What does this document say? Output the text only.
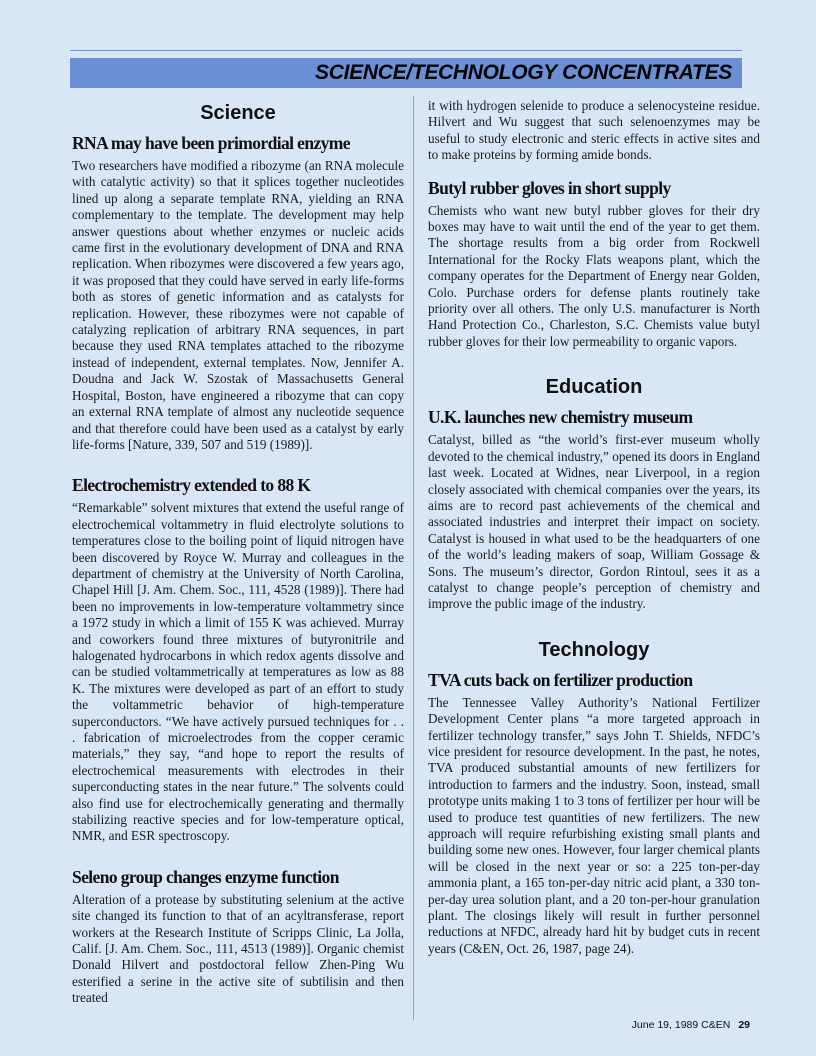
SCIENCE/TECHNOLOGY CONCENTRATES
Science
RNA may have been primordial enzyme

Two researchers have modified a ribozyme (an RNA molecule with catalytic activity) so that it splices together nucleotides lined up along a separate template RNA, yielding an RNA complementary to the template. The development may help answer questions about whether enzymes or nucleic acids came first in the evolutionary development of DNA and RNA replication. When ribozymes were discovered a few years ago, it was proposed that they could have served in early life-forms both as stores of genetic information and as catalysts for replication. However, these ribozymes were not capable of catalyzing replication of arbitrary RNA sequences, in part because they used RNA templates attached to the ribozyme instead of independent, external templates. Now, Jennifer A. Doudna and Jack W. Szostak of Massachusetts General Hospital, Boston, have engineered a ribozyme that can copy an external RNA template of almost any nucleotide sequence and that therefore could have been used as a catalyst by early life-forms [Nature, 339, 507 and 519 (1989)].

Electrochemistry extended to 88 K

“Remarkable” solvent mixtures that extend the useful range of electrochemical voltammetry in fluid electrolyte solutions to temperatures close to the boiling point of liquid nitrogen have been discovered by Royce W. Murray and colleagues in the department of chemistry at the University of North Carolina, Chapel Hill [J. Am. Chem. Soc., 111, 4528 (1989)]. There had been no improvements in low-temperature voltammetry since a 1972 study in which a limit of 155 K was achieved. Murray and coworkers found three mixtures of butyronitrile and halogenated hydrocarbons in which redox agents dissolve and can be studied voltammetrically at temperatures as low as 88 K. The mixtures were developed as part of an effort to study the voltammetric behavior of high-temperature superconductors. “We have actively pursued techniques for . . . fabrication of microelectrodes from the copper ceramic materials,” they say, “and hope to report the results of electrochemical measurements with electrodes in their superconducting states in the near future.” The solvents could also find use for electrochemically generating and thermally stabilizing reactive species and for low-temperature optical, NMR, and ESR spectroscopy.

Seleno group changes enzyme function

Alteration of a protease by substituting selenium at the active site changed its function to that of an acyltransferase, report workers at the Research Institute of Scripps Clinic, La Jolla, Calif. [J. Am. Chem. Soc., 111, 4513 (1989)]. Organic chemist Donald Hilvert and postdoctoral fellow Zhen-Ping Wu esterified a serine in the active site of subtilisin and then treated

it with hydrogen selenide to produce a selenocysteine residue. Hilvert and Wu suggest that such selenoenzymes may be useful to study electronic and steric effects in active sites and to make proteins by forming amide bonds.

Butyl rubber gloves in short supply

Chemists who want new butyl rubber gloves for their dry boxes may have to wait until the end of the year to get them. The shortage results from a big order from Rockwell International for the Rocky Flats weapons plant, which the company operates for the Department of Energy near Golden, Colo. Purchase orders for defense plants routinely take priority over all others. The only U.S. manufacturer is North Hand Protection Co., Charleston, S.C. Chemists value butyl rubber gloves for their low permeability to organic vapors.

Education
U.K. launches new chemistry museum

Catalyst, billed as “the world’s first-ever museum wholly devoted to the chemical industry,” opened its doors in England last week. Located at Widnes, near Liverpool, in a region closely associated with chemical companies over the years, its aims are to record past achievements of the chemical and associated industries and interpret their impact on society. Catalyst is housed in what used to be the headquarters of one of the world’s leading makers of soap, William Gossage & Sons. The museum’s director, Gordon Rintoul, sees it as a catalyst to change people’s perception of chemistry and improve the public image of the industry.

Technology
TVA cuts back on fertilizer production

The Tennessee Valley Authority’s National Fertilizer Development Center plans “a more targeted approach in fertilizer technology transfer,” says John T. Shields, NFDC’s vice president for resource development. In the past, he notes, TVA produced substantial amounts of new fertilizers for introduction to farmers and the industry. Soon, instead, small prototype units making 1 to 3 tons of fertilizer per hour will be used to produce test quantities of new fertilizers. The new approach will require refurbishing existing small plants and building some new ones. However, four larger chemical plants will be closed in the next year or so: a 225 ton-per-day ammonia plant, a 165 ton-per-day nitric acid plant, a 330 ton-per-day urea solution plant, and a 20 ton-per-hour granulation plant. The closings likely will result in further personnel reductions at NFDC, already hard hit by budget cuts in recent years (C&EN, Oct. 26, 1987, page 24).

June 19, 1989 C&EN 29
